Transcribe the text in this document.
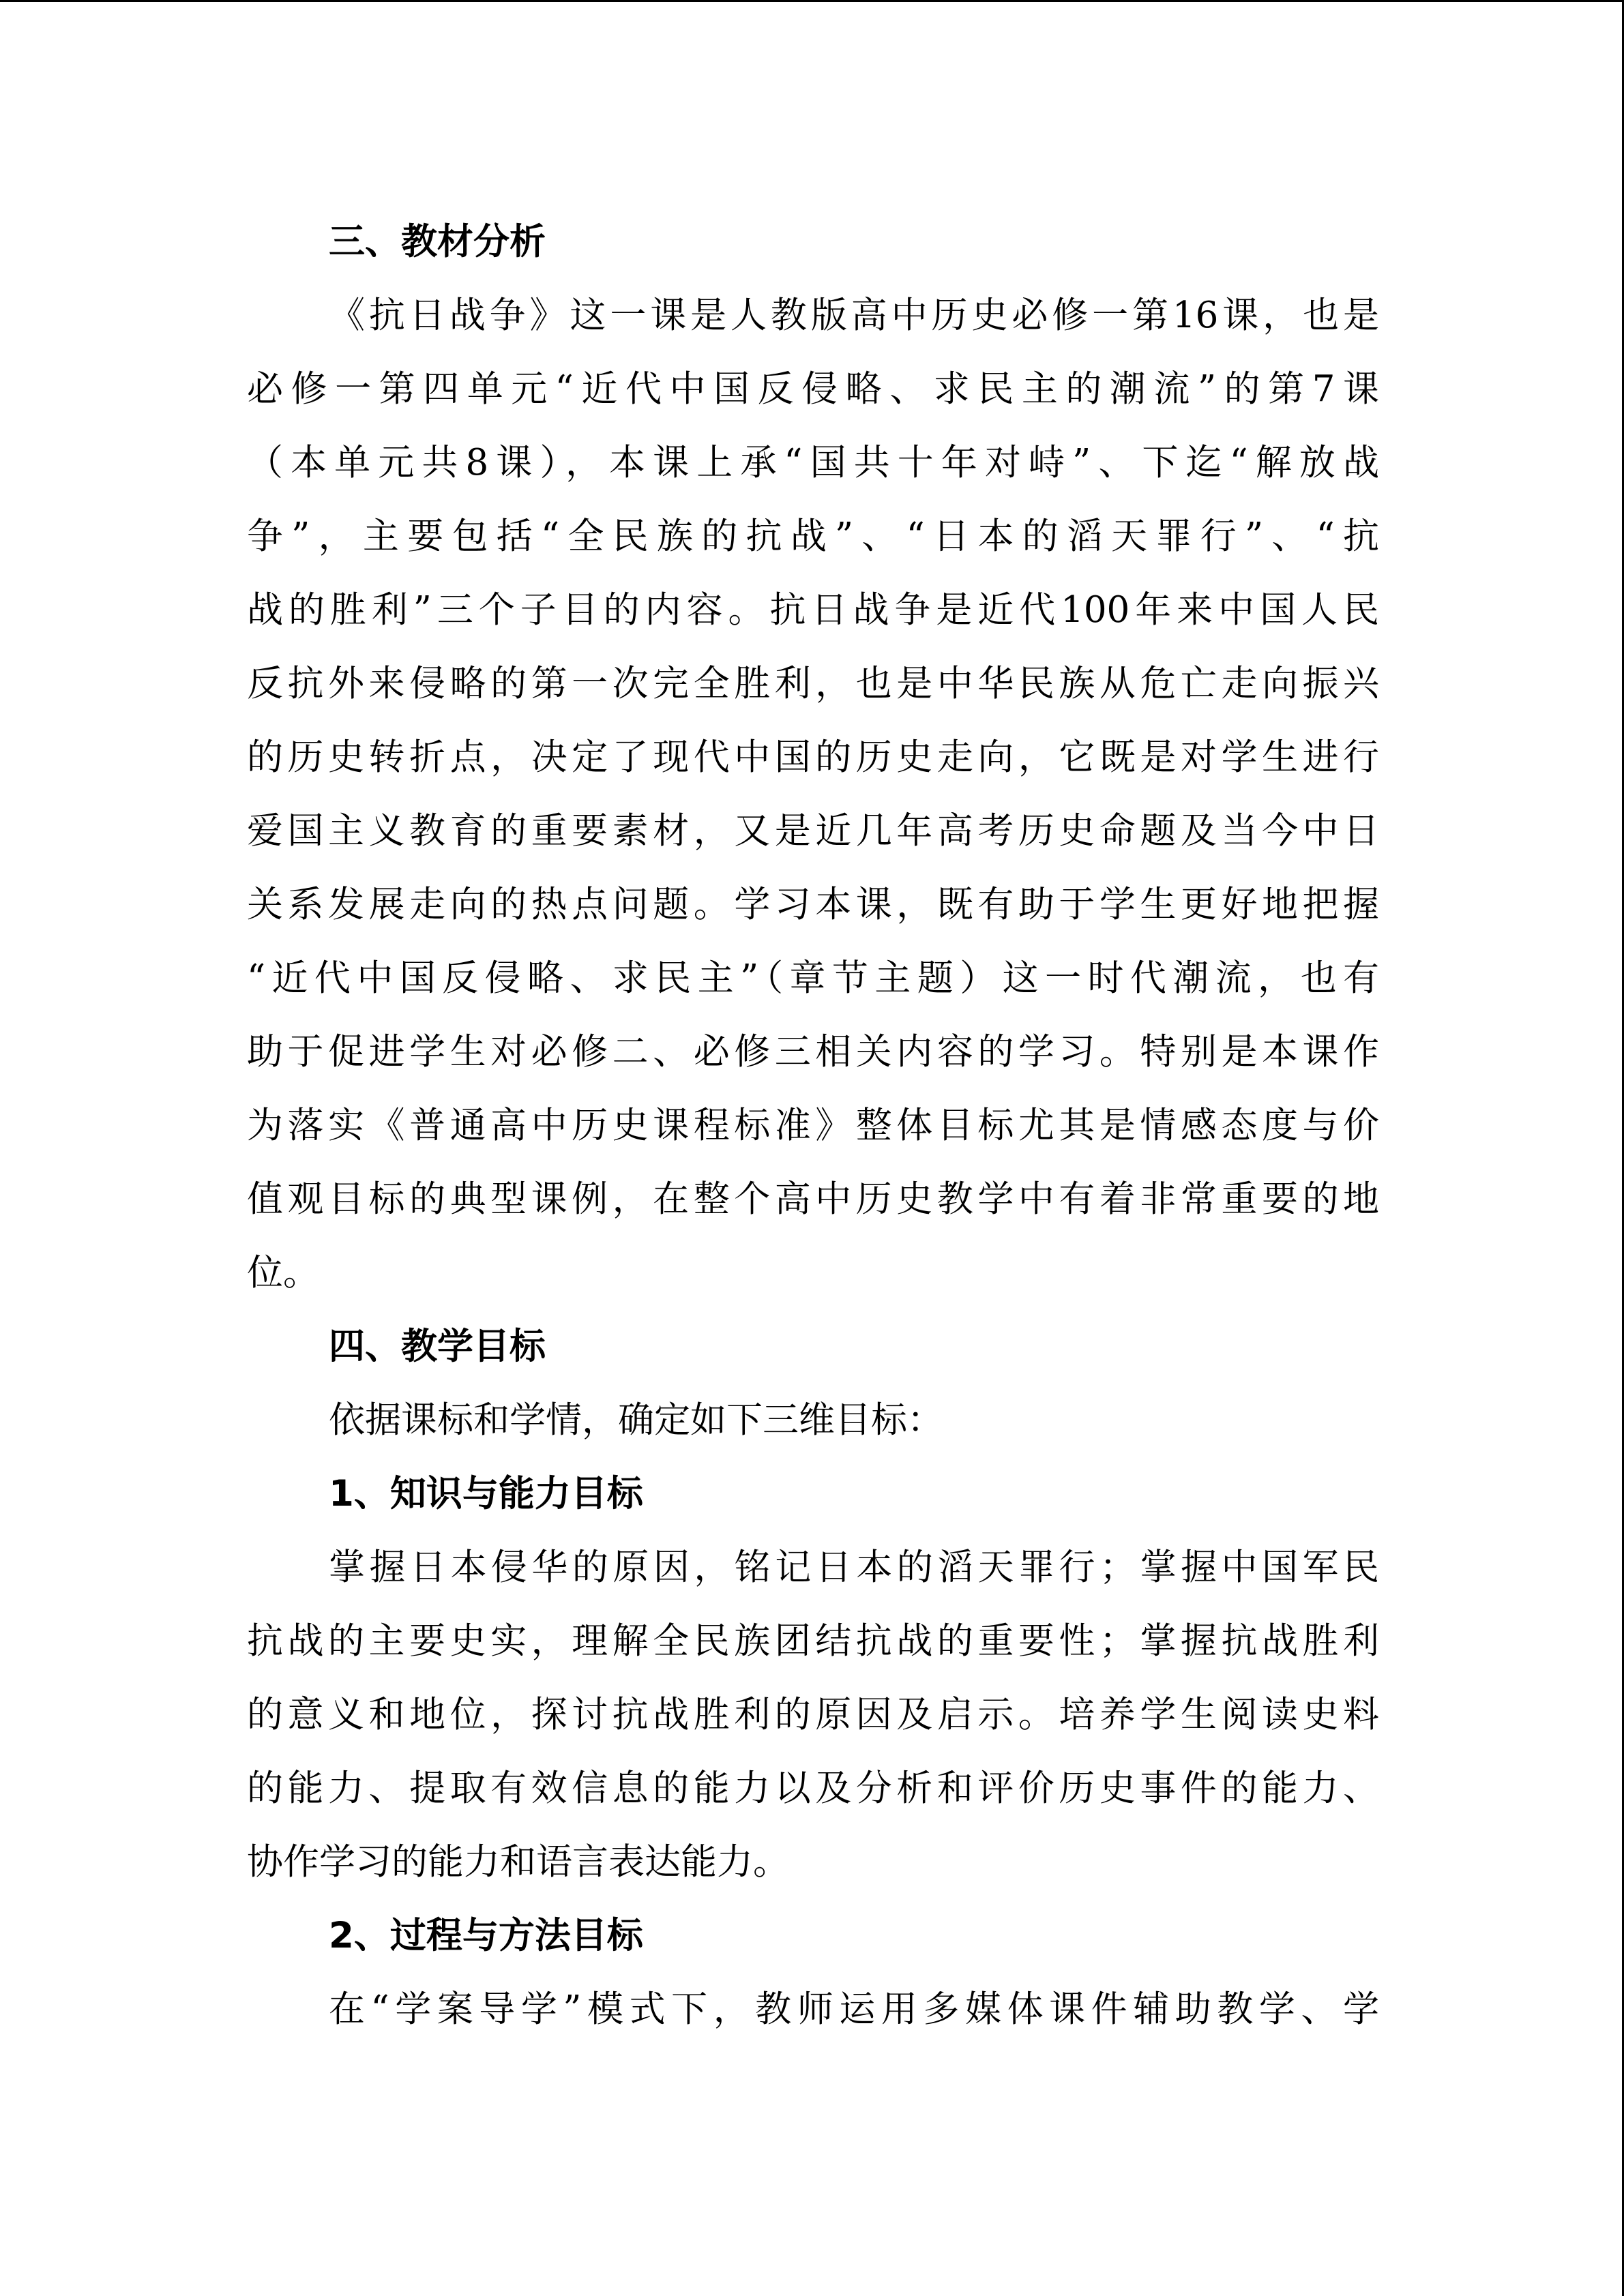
三、教材分析
《抗日战争》这一课是人教版高中历史必修一第16课，也是
必修一第四单元“近代中国反侵略、求民主的潮流”的第7课
（本单元共8课），本课上承“国共十年对峙”、下迄“解放战
争”，主要包括“全民族的抗战”、“日本的滔天罪行”、“抗
战的胜利”三个子目的内容。抗日战争是近代100年来中国人民
反抗外来侵略的第一次完全胜利，也是中华民族从危亡走向振兴
的历史转折点，决定了现代中国的历史走向，它既是对学生进行
爱国主义教育的重要素材，又是近几年高考历史命题及当今中日
关系发展走向的热点问题。学习本课，既有助于学生更好地把握
“近代中国反侵略、求民主”（章节主题）这一时代潮流，也有
助于促进学生对必修二、必修三相关内容的学习。特别是本课作
为落实《普通高中历史课程标准》整体目标尤其是情感态度与价
值观目标的典型课例，在整个高中历史教学中有着非常重要的地
位。
四、教学目标
依据课标和学情，确定如下三维目标：
1、知识与能力目标
掌握日本侵华的原因，铭记日本的滔天罪行；掌握中国军民
抗战的主要史实，理解全民族团结抗战的重要性；掌握抗战胜利
的意义和地位，探讨抗战胜利的原因及启示。培养学生阅读史料
的能力、提取有效信息的能力以及分析和评价历史事件的能力、
协作学习的能力和语言表达能力。
2、过程与方法目标
在“学案导学”模式下，教师运用多媒体课件辅助教学、学
